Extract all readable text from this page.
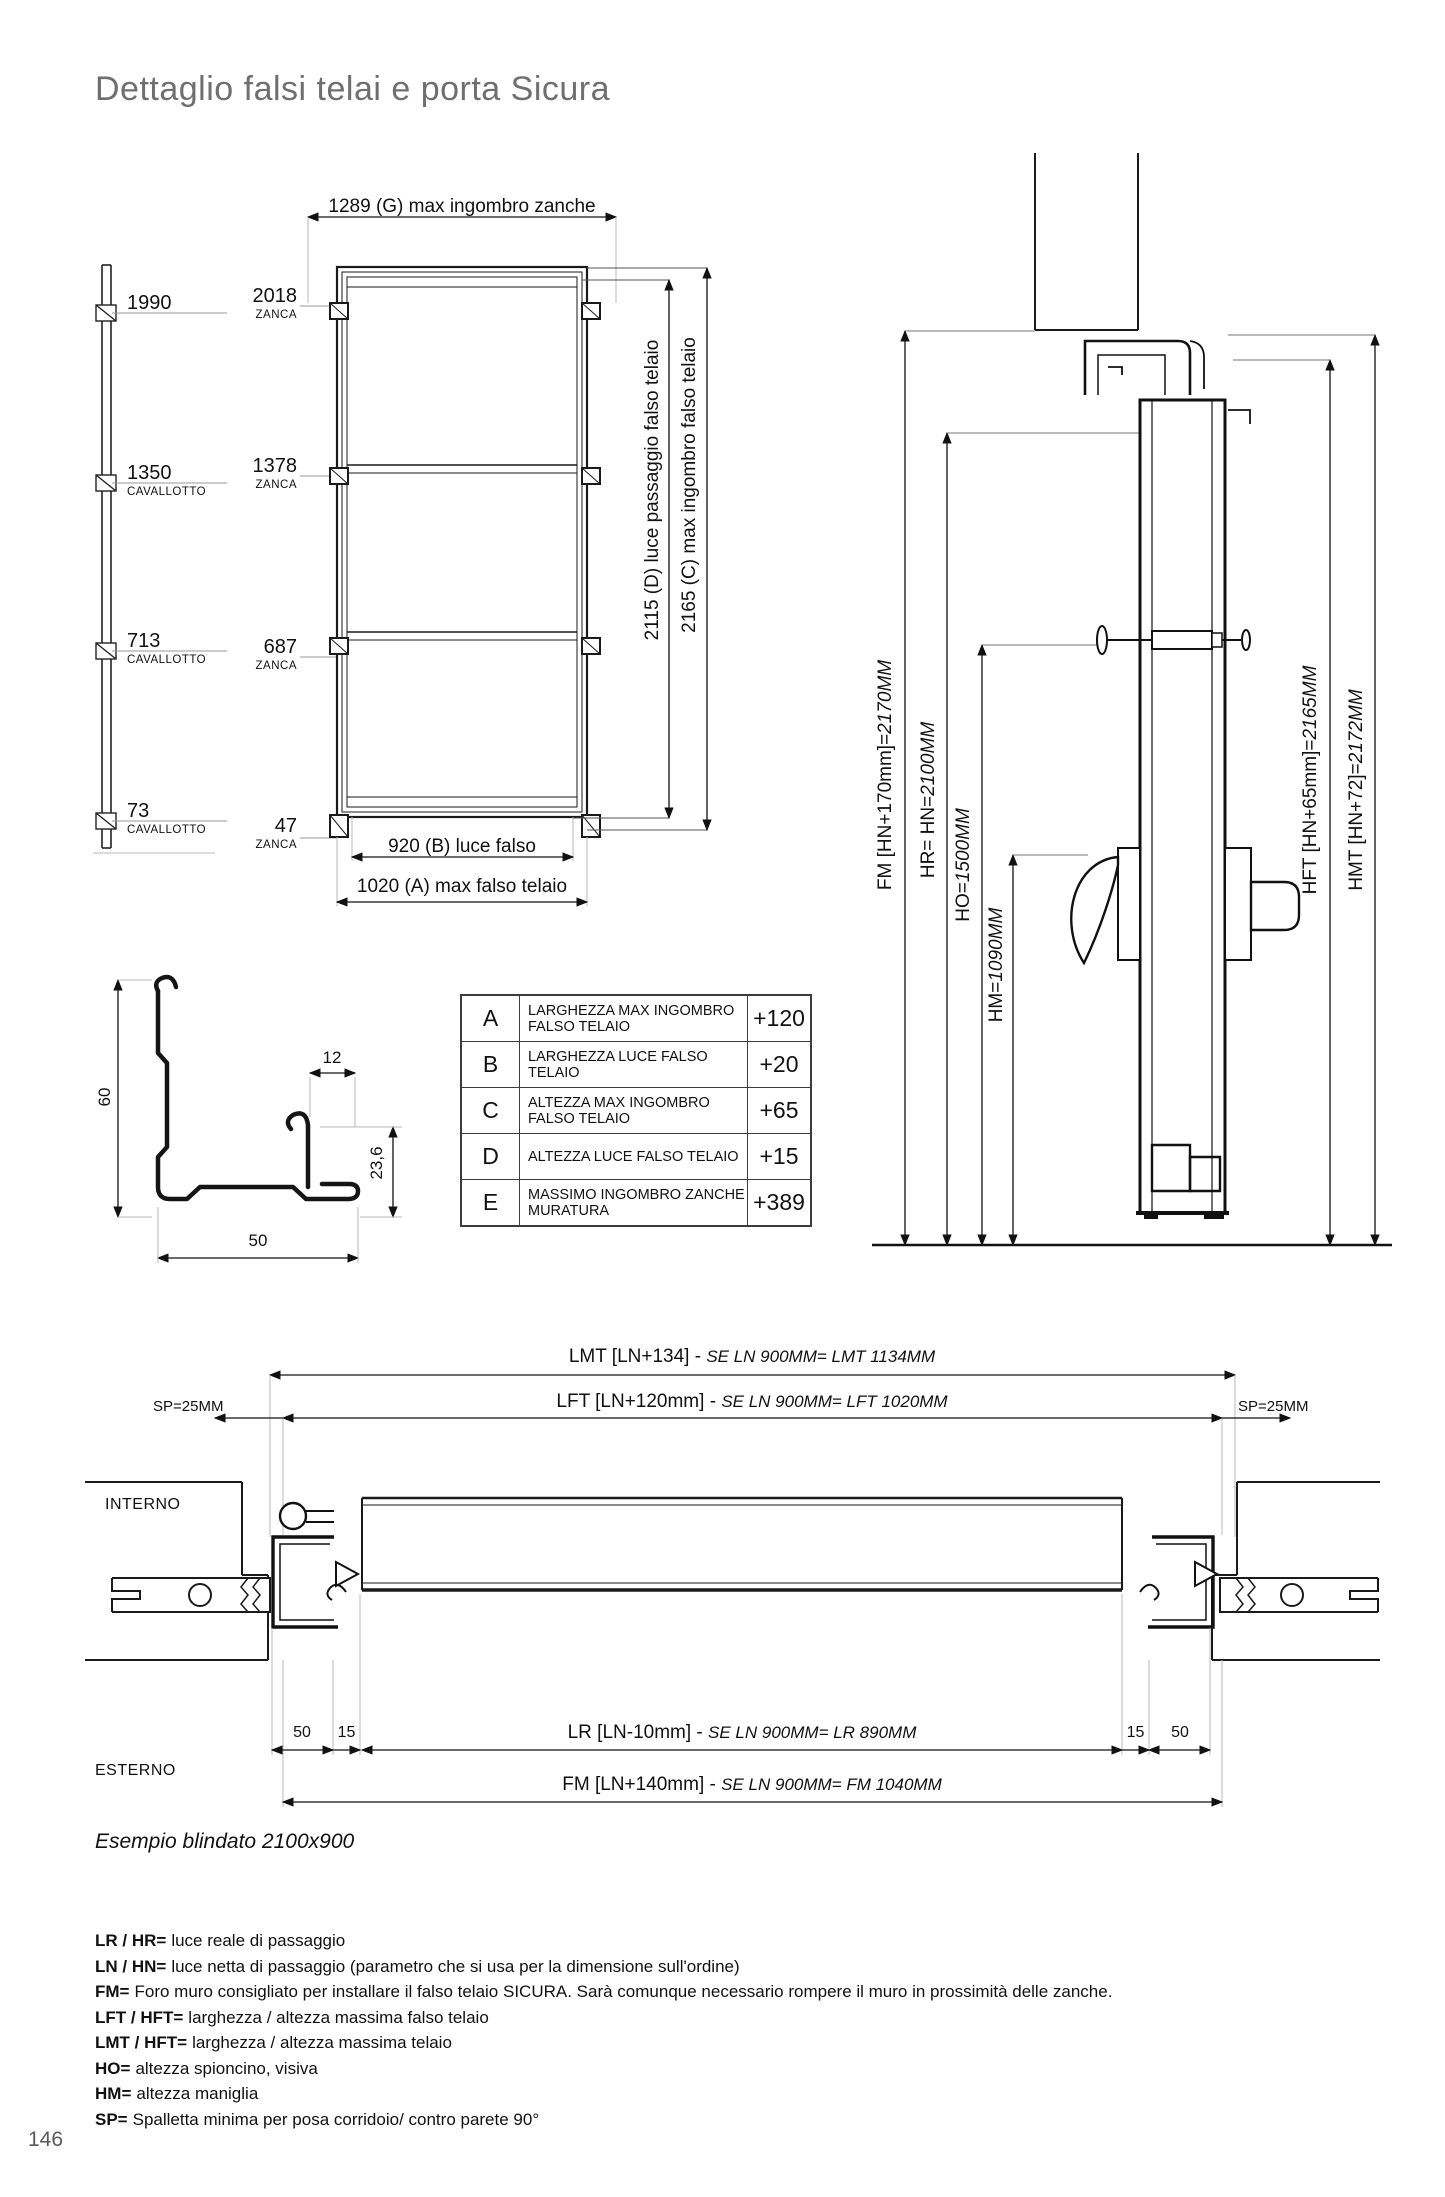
Dettaglio falsi telai e porta Sicura
1289 (G) max ingombro zanche
1990
1350
CAVALLOTTO
713
CAVALLOTTO
73
CAVALLOTTO
2018
ZANCA
1378
ZANCA
687
ZANCA
47
ZANCA	920 (B) luce falso
1020 (A) max falso telaio
2115 (D) luce passaggio falso telaio 2165 (C) max ingombro falso telaio
FM [HN+170mm]=
2170MM
HR= HN=
2100MM
HO=
1500MM
HM=
1090MM
HFT [HN+65mm]=
2165MM
HMT [HN+72]=
2172MM
60
12
23,6
50
A	LARGHEZZA MAX INGOMBRO FALSO TELAIO	+120
B	LARGHEZZA LUCE FALSO TELAIO	+20
C	ALTEZZA MAX INGOMBRO FALSO TELAIO	+65
D	ALTEZZA LUCE FALSO TELAIO +15
E	MASSIMO INGOMBRO ZANCHE MURATURA	+389
LMT [LN+134] - SE LN 900MM= LMT 1134MM
LFT [LN+120mm] - SE LN 900MM= LFT 1020MM
SP=25MM	SP=25MM
INTERNO
ESTERNO
50	15	15	50
LR [LN-10mm] - SE LN 900MM= LR 890MM
FM [LN+140mm] - SE LN 900MM= FM 1040MM
Esempio blindato 2100x900
LR / HR= luce reale di passaggio
LN / HN= luce netta di passaggio (parametro che si usa per la dimensione sull'ordine)
FM= Foro muro consigliato per installare il falso telaio SICURA. Sarà comunque necessario rompere il muro in prossimità delle zanche.
LFT / HFT= larghezza / altezza massima falso telaio
LMT / HFT= larghezza / altezza massima telaio
HO= altezza spioncino, visiva
HM= altezza maniglia
SP= Spalletta minima per posa corridoio/ contro parete 90°
146
